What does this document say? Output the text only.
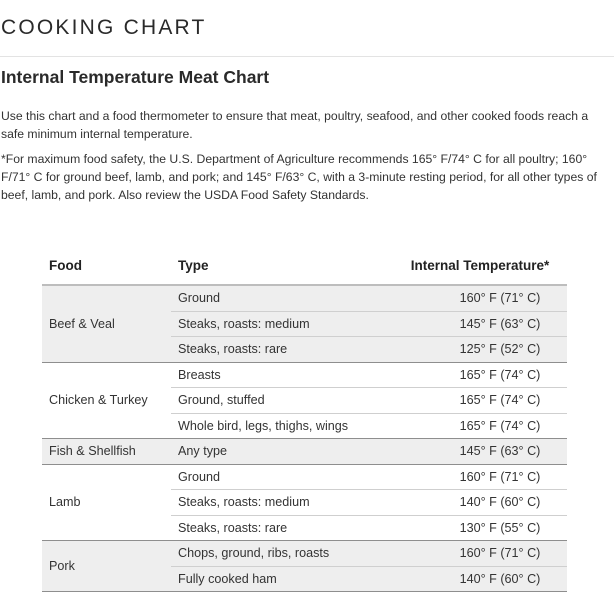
COOKING CHART
Internal Temperature Meat Chart

Use this chart and a food thermometer to ensure that meat, poultry, seafood, and other cooked foods reach a safe minimum internal temperature.

*For maximum food safety, the U.S. Department of Agriculture recommends 165° F/74° C for all poultry; 160° F/71° C for ground beef, lamb, and pork; and 145° F/63° C, with a 3-minute resting period, for all other types of beef, lamb, and pork. Also review the USDA Food Safety Standards.

Food	Type	Internal Temperature*
Beef & Veal	Ground	160° F (71° C)
	Steaks, roasts: medium	145° F (63° C)
	Steaks, roasts: rare	125° F (52° C)
Chicken & Turkey	Breasts	165° F (74° C)
	Ground, stuffed	165° F (74° C)
	Whole bird, legs, thighs, wings	165° F (74° C)
Fish & Shellfish	Any type	145° F (63° C)
Lamb	Ground	160° F (71° C)
	Steaks, roasts: medium	140° F (60° C)
	Steaks, roasts: rare	130° F (55° C)
Pork	Chops, ground, ribs, roasts	160° F (71° C)
	Fully cooked ham	140° F (60° C)
